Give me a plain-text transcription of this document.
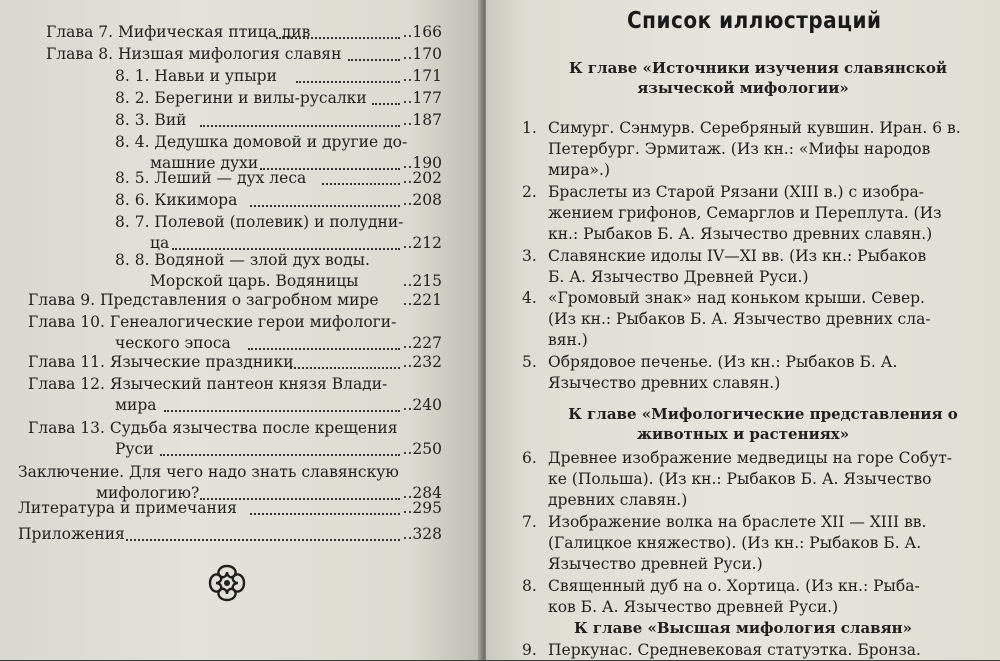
Глава 7. Мифическая птица див	..166
Глава 8. Низшая мифология славян	..170
8. 1. Навьи и упыри	..171
8. 2. Берегини и вилы-русалки ..177
8. 3. Вий	..187
8. 4. Дедушка домовой и другие до-
машние духи	..190
8. 5. Леший — дух леса	..202
8. 6. Кикимора	..208
8. 7. Полевой (полевик) и полудни-
ца	..212
8. 8. Водяной — злой дух воды.
Морской царь. Водяницы	..215
Глава 9. Представления о загробном мире ..221
Глава 10. Генеалогические герои мифологи-
ческого эпоса	..227
Глава 11. Языческие праздники	..232
Глава 12. Языческий пантеон князя Влади-
мира	..240
Глава 13. Судьба язычества после крещения
Руси	..250
Заключение. Для чего надо знать славянскую
мифологию?	..284
Литература и примечания	..295
Приложения	..328
Список иллюстраций
К главе «Источники изучения славянской
языческой мифологии»
1. Симург. Сэнмурв. Серебряный кувшин. Иран. 6 в.
Петербург. Эрмитаж. (Из кн.: «Мифы народов
мира».)
2. Браслеты из Старой Рязани (XIII в.) с изобра-
жением грифонов, Семарглов и Переплута. (Из
кн.: Рыбаков Б. А. Язычество древних славян.)
3. Славянские идолы IV—XI вв. (Из кн.: Рыбаков
Б. А. Язычество Древней Руси.)
4. «Громовый знак» над коньком крыши. Север.
(Из кн.: Рыбаков Б. А. Язычество древних сла-
вян.)
5. Обрядовое печенье. (Из кн.: Рыбаков Б. А.
Язычество древних славян.)
К главе «Мифологические представления о
животных и растениях»
6. Древнее изображение медведицы на горе Собут-
ке (Польша). (Из кн.: Рыбаков Б. А. Язычество
древних славян.)
7. Изображение волка на браслете XII — XIII вв.
(Галицкое княжество). (Из кн.: Рыбаков Б. А.
Язычество древней Руси.)
8. Священный дуб на о. Хортица. (Из кн.: Рыба-
ков Б. А. Язычество древней Руси.)
К главе «Высшая мифология славян»
9. Перкунас. Средневековая статуэтка. Бронза.
